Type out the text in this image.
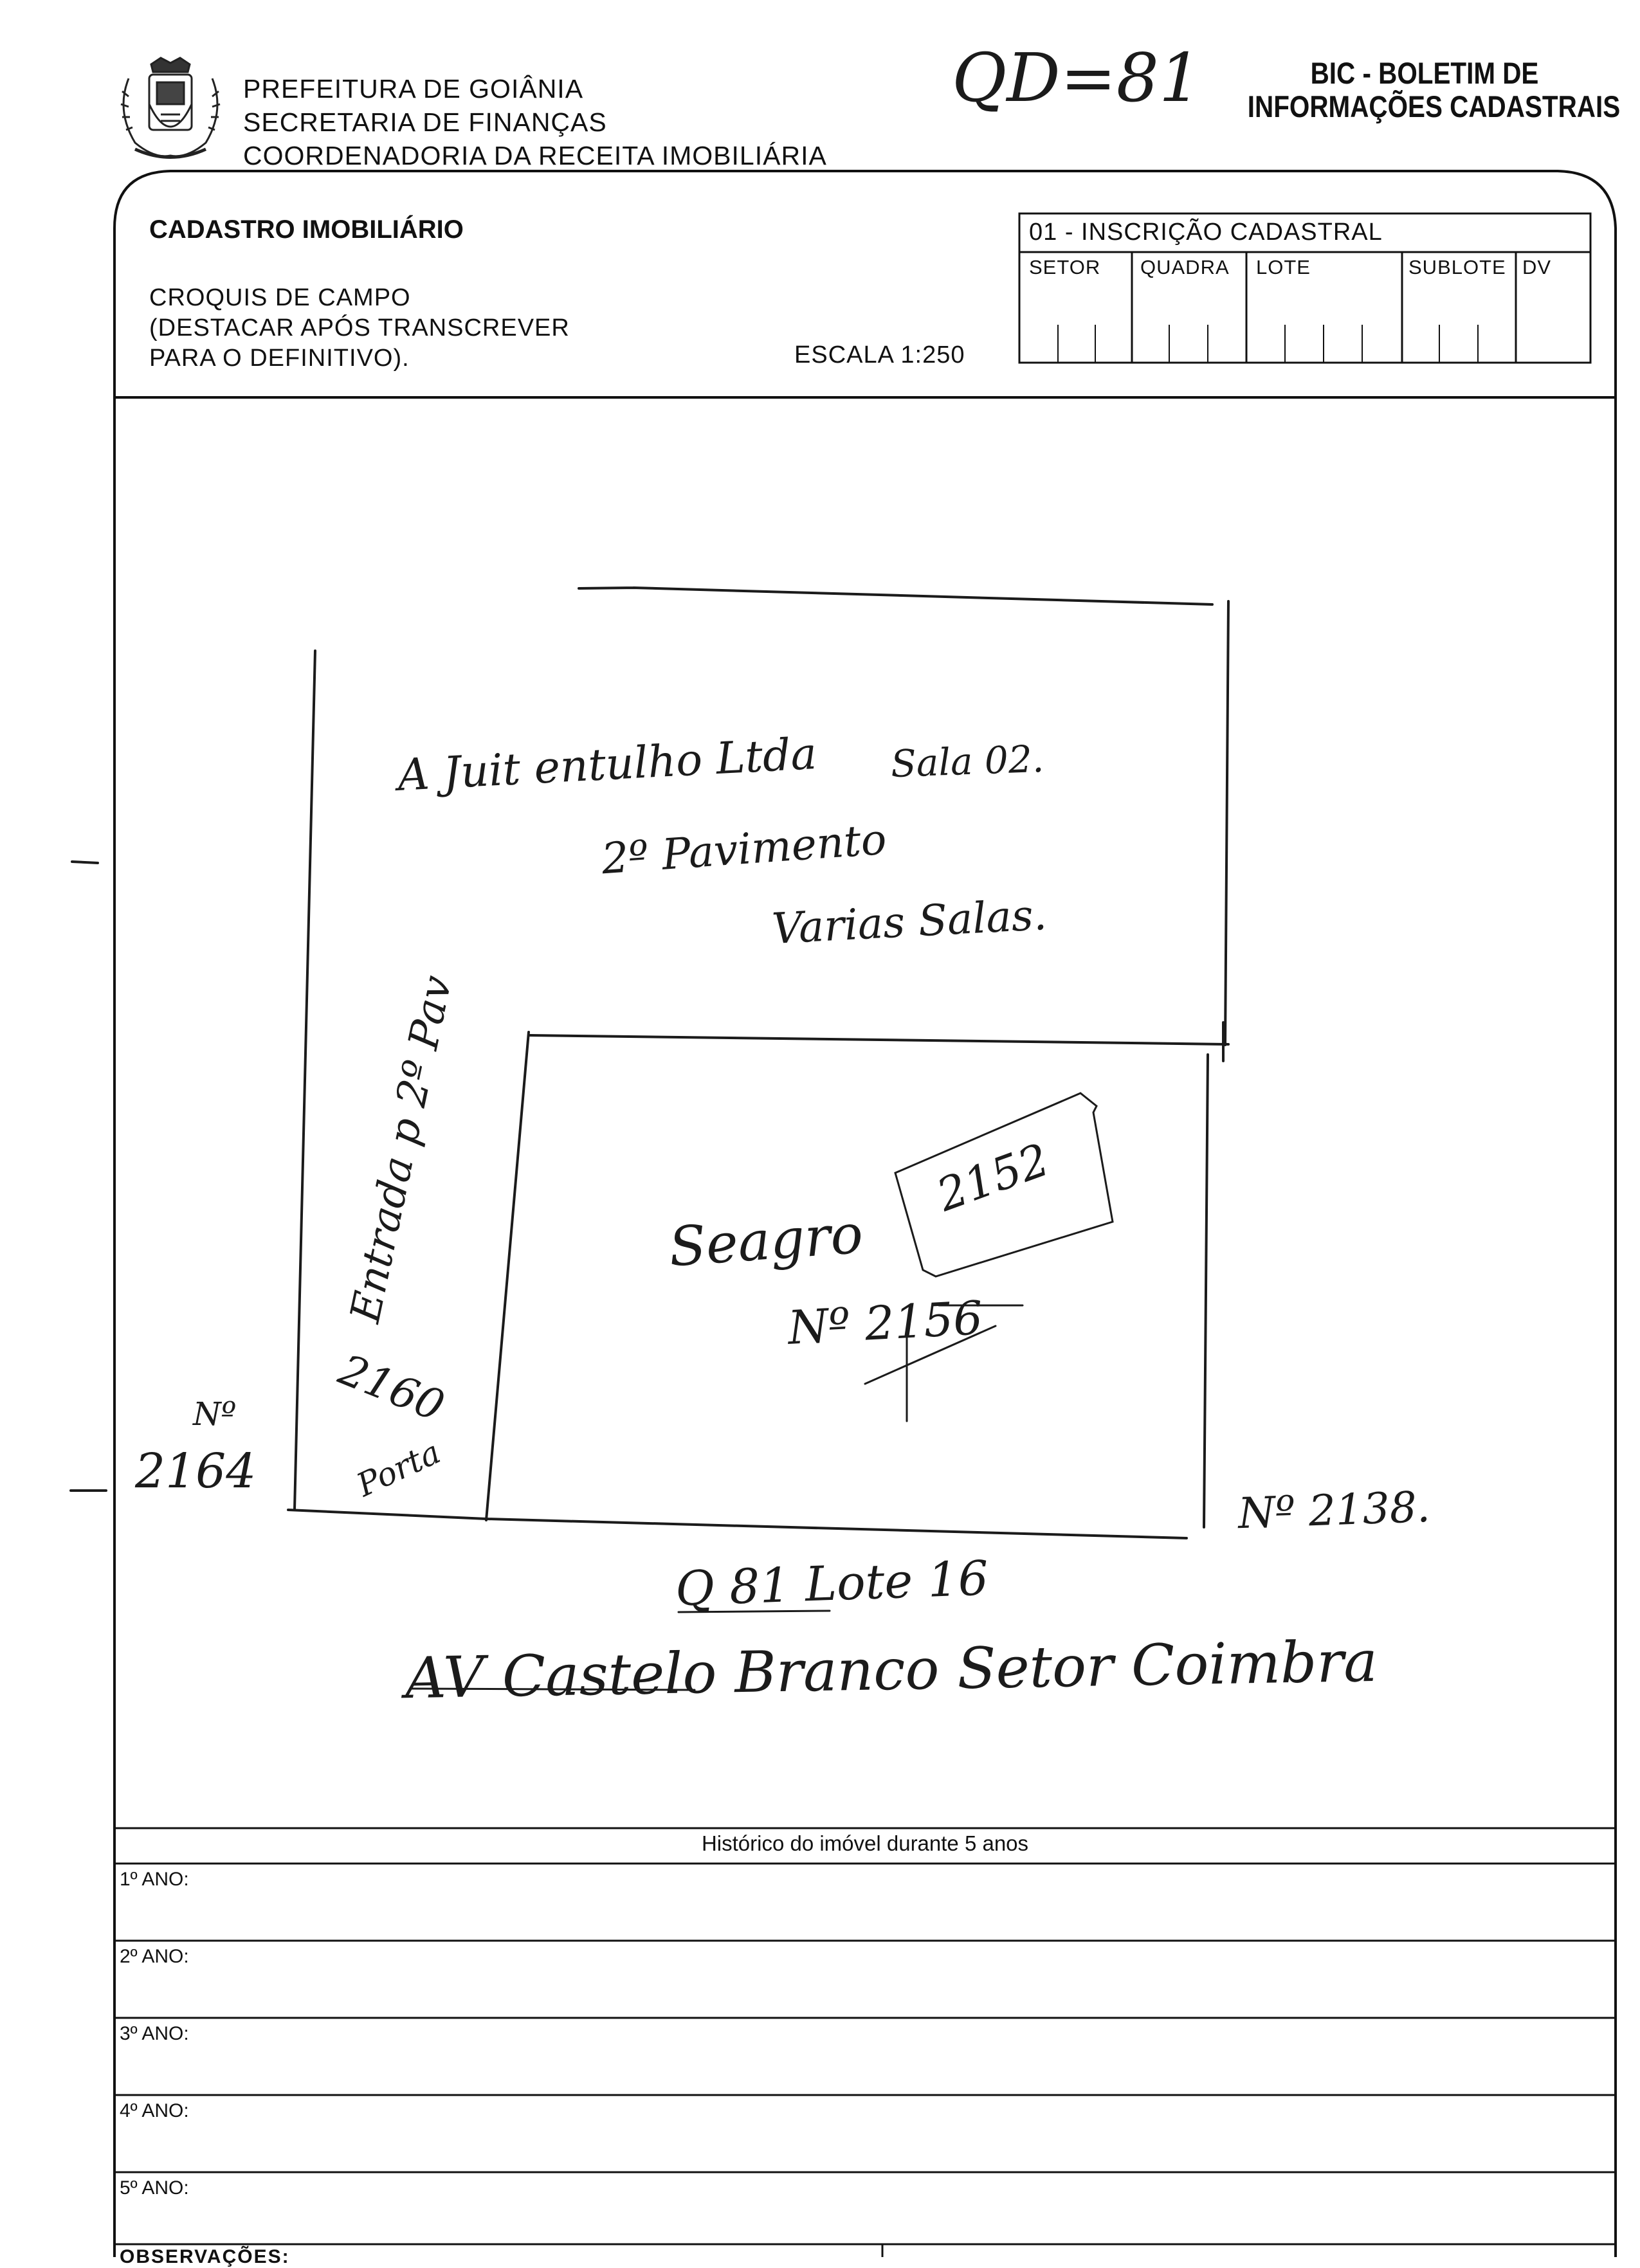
PREFEITURA DE GOIÂNIA
SECRETARIA DE FINANÇAS
COORDENADORIA DA RECEITA IMOBILIÁRIA
QD=81	BIC - BOLETIM DE
INFORMAÇÕES CADASTRAIS
CADASTRO IMOBILIÁRIO
CROQUIS DE CAMPO
(DESTACAR APÓS TRANSCREVER
PARA O DEFINITIVO).	ESCALA 1:250
01 - INSCRIÇÃO CADASTRAL
SETOR QUADRA LOTE	SUBLOTE DV
A Juit entulho Ltda Sala 02.
2º Pavimento
Varias Salas.
Entrada p 2º Pav	Seagro
Nº 2156
2152
2160
Porta
Nº
2164
Nº 2138.
Q 81 Lote 16
AV Castelo Branco Setor Coimbra
Histórico do imóvel durante 5 anos
1º ANO:
2º ANO:
3º ANO:
4º ANO:
5º ANO:
OBSERVAÇÕES:
